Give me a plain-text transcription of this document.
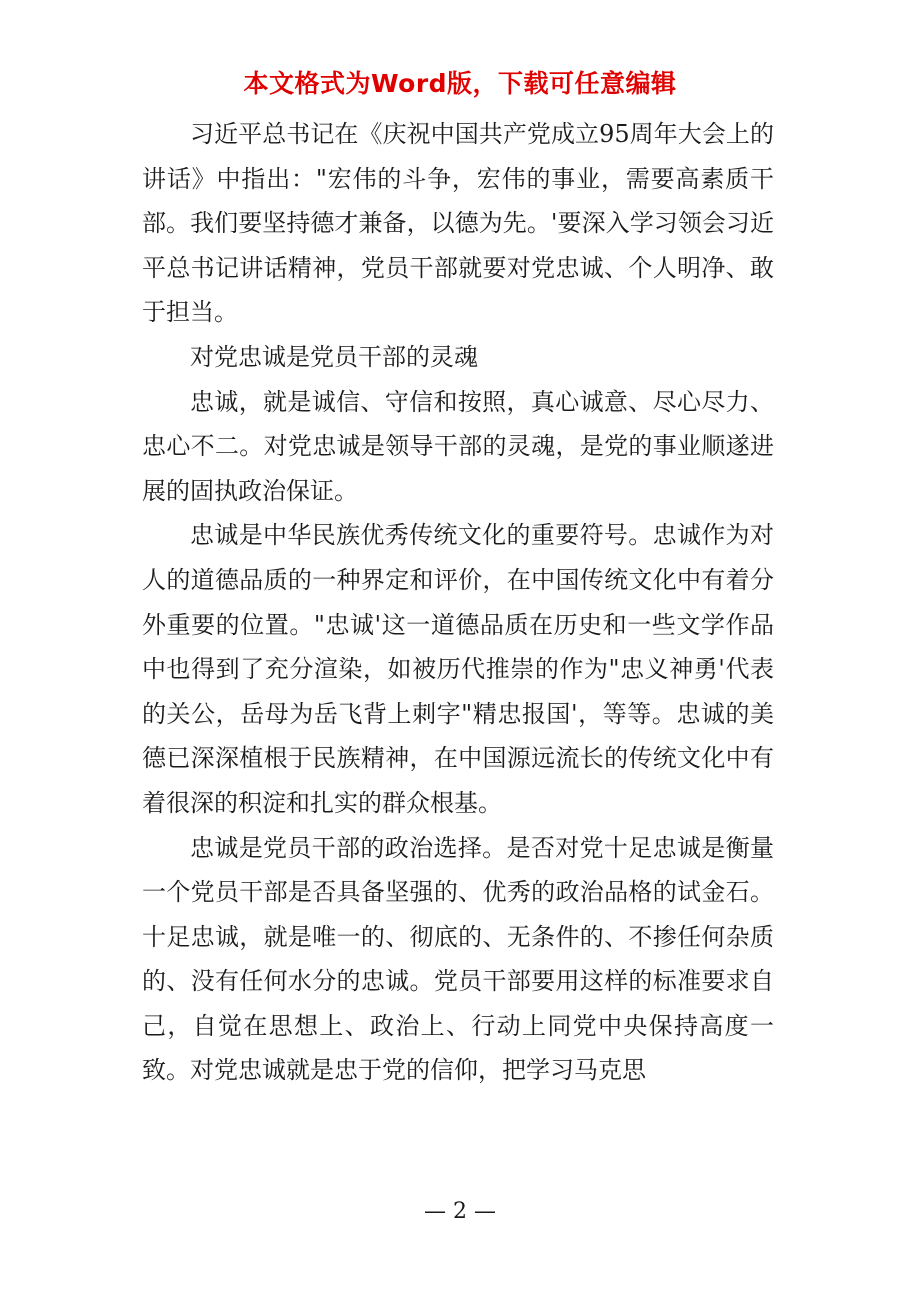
本文格式为Word版，下载可任意编辑

习近平总书记在《庆祝中国共产党成立95周年大会上的讲话》中指出："宏伟的斗争，宏伟的事业，需要高素质干部。我们要坚持德才兼备，以德为先。'要深入学习领会习近平总书记讲话精神，党员干部就要对党忠诚、个人明净、敢于担当。

对党忠诚是党员干部的灵魂

忠诚，就是诚信、守信和按照，真心诚意、尽心尽力、忠心不二。对党忠诚是领导干部的灵魂，是党的事业顺遂进展的固执政治保证。

忠诚是中华民族优秀传统文化的重要符号。忠诚作为对人的道德品质的一种界定和评价，在中国传统文化中有着分外重要的位置。"忠诚'这一道德品质在历史和一些文学作品中也得到了充分渲染，如被历代推崇的作为"忠义神勇'代表的关公，岳母为岳飞背上刺字"精忠报国'，等等。忠诚的美德已深深植根于民族精神，在中国源远流长的传统文化中有着很深的积淀和扎实的群众根基。

忠诚是党员干部的政治选择。是否对党十足忠诚是衡量一个党员干部是否具备坚强的、优秀的政治品格的试金石。十足忠诚，就是唯一的、彻底的、无条件的、不掺任何杂质的、没有任何水分的忠诚。党员干部要用这样的标准要求自己，自觉在思想上、政治上、行动上同党中央保持高度一致。对党忠诚就是忠于党的信仰，把学习马克思

— 2 —
